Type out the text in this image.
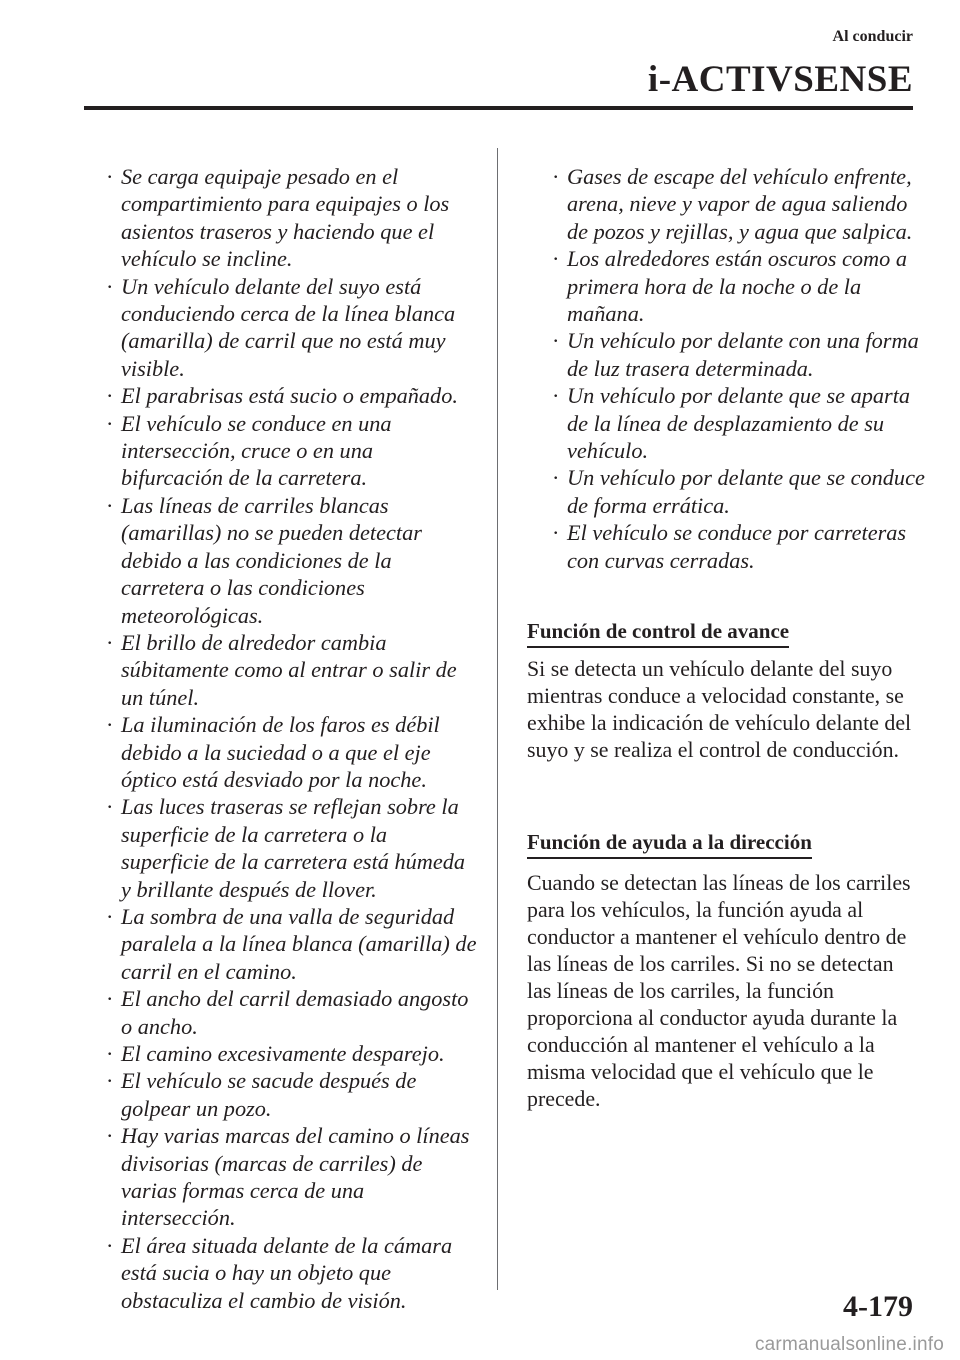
Al conducir
i-ACTIVSENSE
· Se carga equipaje pesado en el compartimiento para equipajes o los asientos traseros y haciendo que el vehículo se incline.
· Un vehículo delante del suyo está conduciendo cerca de la línea blanca (amarilla) de carril que no está muy visible.
· El parabrisas está sucio o empañado.
· El vehículo se conduce en una intersección, cruce o en una bifurcación de la carretera.
· Las líneas de carriles blancas (amarillas) no se pueden detectar debido a las condiciones de la carretera o las condiciones meteorológicas.
· El brillo de alrededor cambia súbitamente como al entrar o salir de un túnel.
· La iluminación de los faros es débil debido a la suciedad o a que el eje óptico está desviado por la noche.
· Las luces traseras se reflejan sobre la superficie de la carretera o la superficie de la carretera está húmeda y brillante después de llover.
· La sombra de una valla de seguridad paralela a la línea blanca (amarilla) de carril en el camino.
· El ancho del carril demasiado angosto o ancho.
· El camino excesivamente desparejo.
· El vehículo se sacude después de golpear un pozo.
· Hay varias marcas del camino o líneas divisorias (marcas de carriles) de varias formas cerca de una intersección.
· El área situada delante de la cámara está sucia o hay un objeto que obstaculiza el cambio de visión.
· Gases de escape del vehículo enfrente, arena, nieve y vapor de agua saliendo de pozos y rejillas, y agua que salpica.
· Los alrededores están oscuros como a primera hora de la noche o de la mañana.
· Un vehículo por delante con una forma de luz trasera determinada.
· Un vehículo por delante que se aparta de la línea de desplazamiento de su vehículo.
· Un vehículo por delante que se conduce de forma errática.
· El vehículo se conduce por carreteras con curvas cerradas.
Función de control de avance

Si se detecta un vehículo delante del suyo mientras conduce a velocidad constante, se exhibe la indicación de vehículo delante del suyo y se realiza el control de conducción.

Función de ayuda a la dirección

Cuando se detectan las líneas de los carriles para los vehículos, la función ayuda al conductor a mantener el vehículo dentro de las líneas de los carriles. Si no se detectan las líneas de los carriles, la función proporciona al conductor ayuda durante la conducción al mantener el vehículo a la misma velocidad que el vehículo que le precede.

4-179
carmanualsonline.info
